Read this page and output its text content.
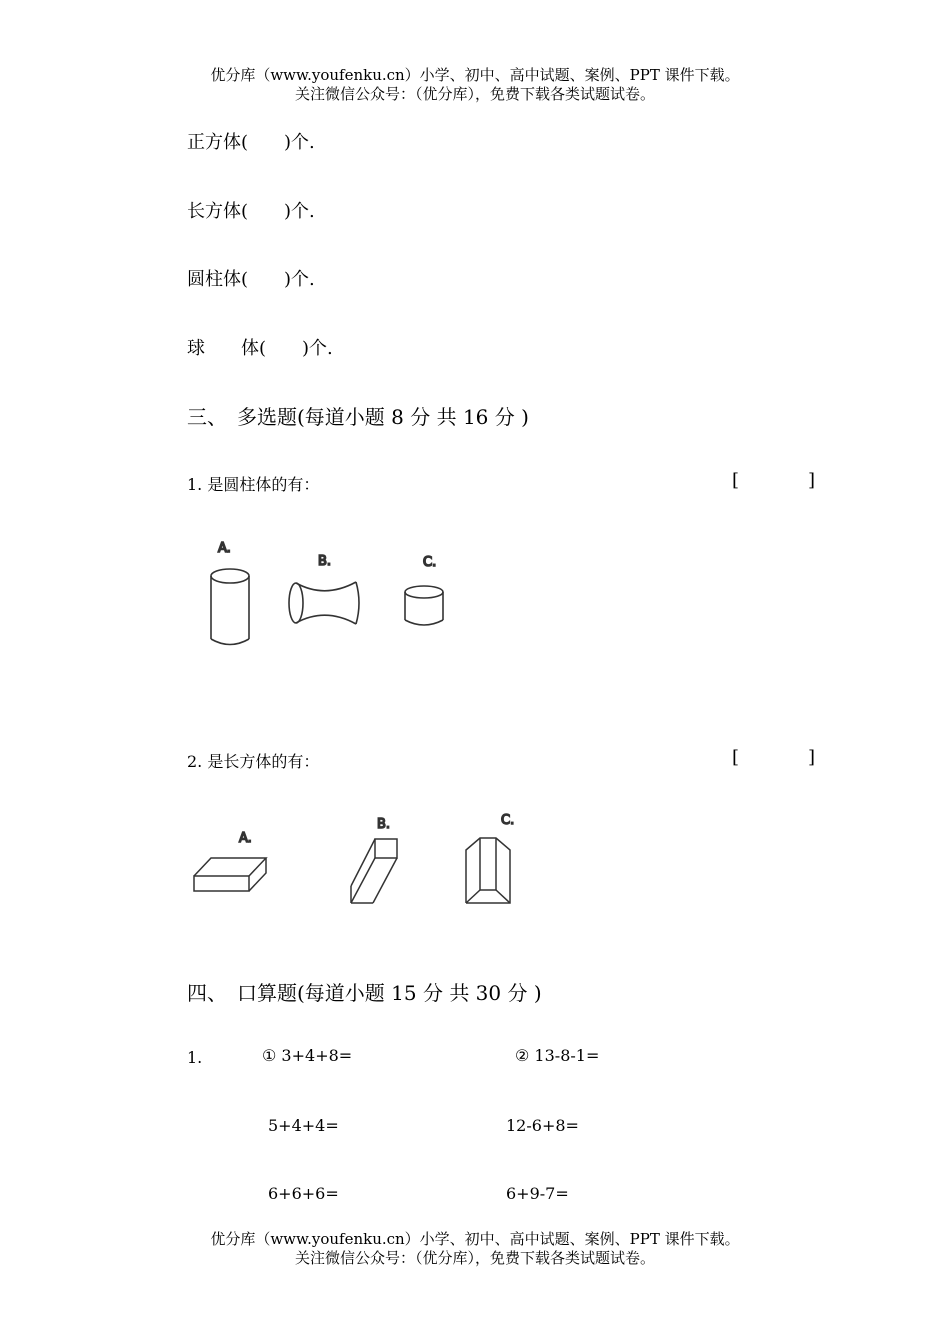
优分库（www.youfenku.cn）小学、初中、高中试题、案例、PPT 课件下载。
关注微信公众号：（优分库），免费下载各类试题试卷。
正方体(　　)个.
长方体(　　)个.
圆柱体(　　)个.
球　　体(　　)个.
三、　多选题(每道小题 8 分 共 16 分 )
1. 是圆柱体的有：	[	]
A.
B.	C.
2. 是长方体的有：	[	]
A.
B.	C.
四、　口算题(每道小题 15 分 共 30 分 )
1.	① 3+4+8=	② 13-8-1=
5+4+4=	12-6+8=
6+6+6=	6+9-7=
优分库（www.youfenku.cn）小学、初中、高中试题、案例、PPT 课件下载。
关注微信公众号：（优分库），免费下载各类试题试卷。
